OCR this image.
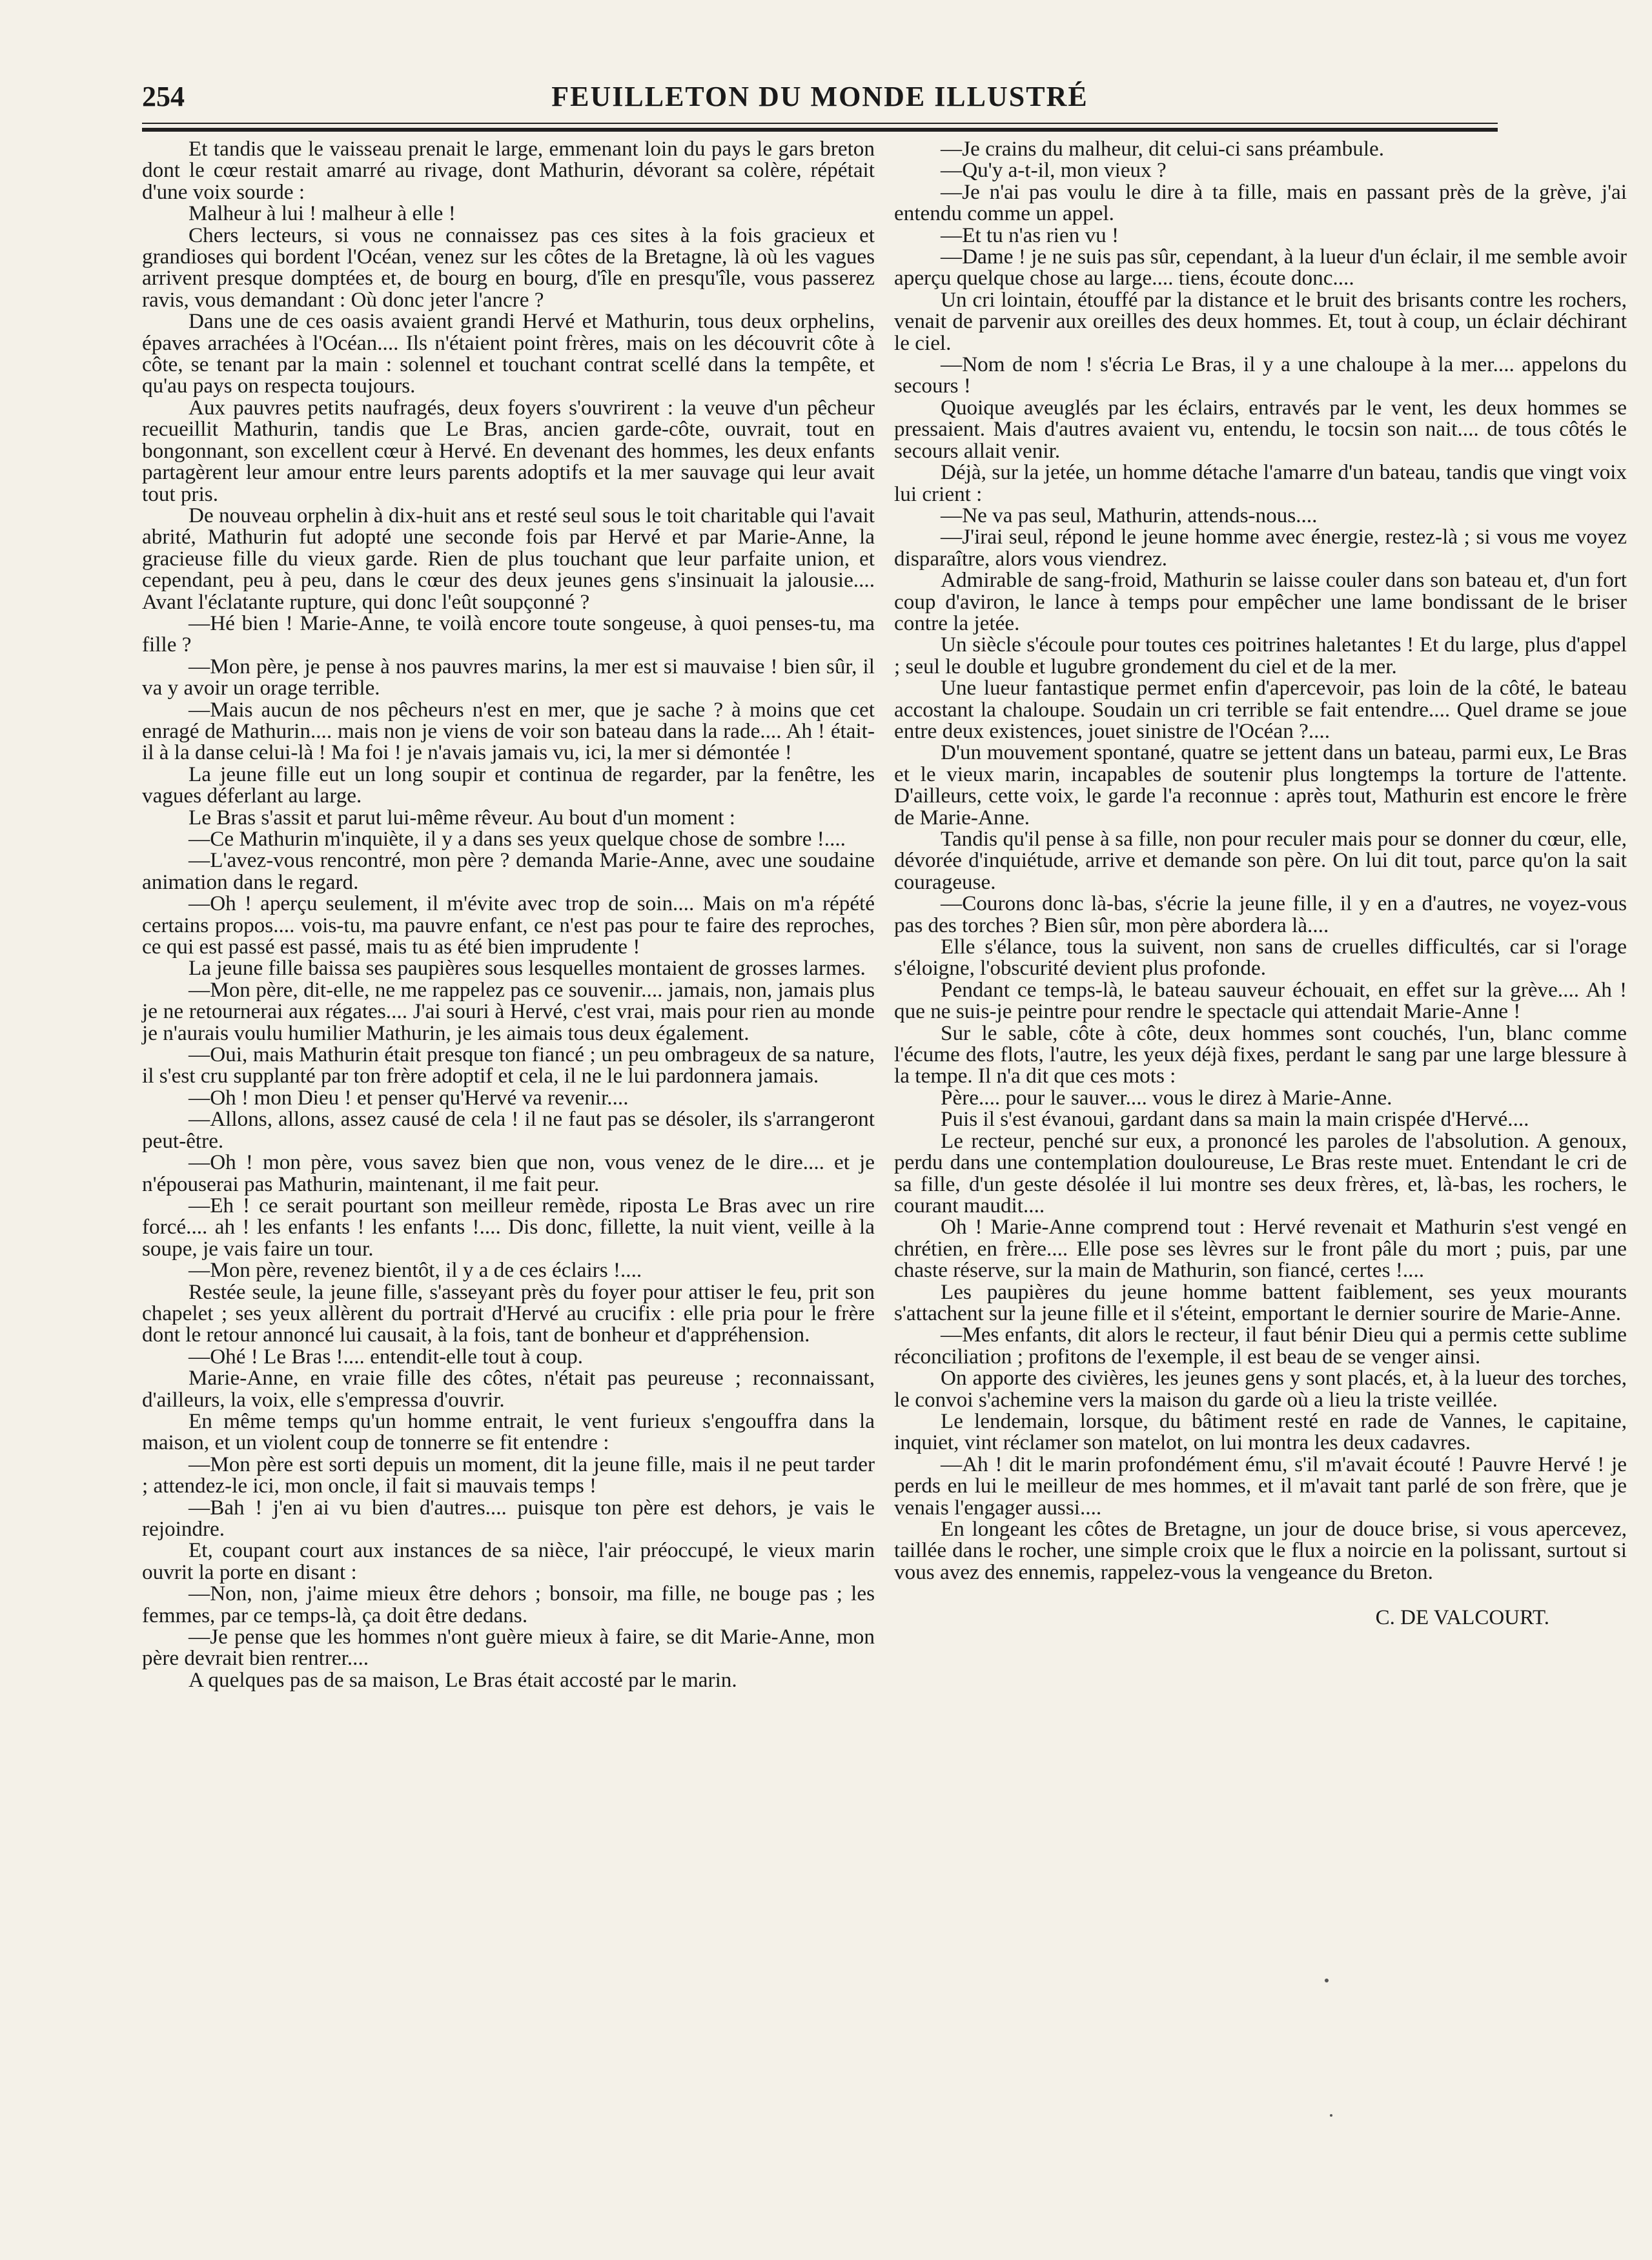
254	FEUILLETON DU MONDE ILLUSTRÉ

Et tandis que le vaisseau prenait le large, emmenant loin du pays le gars breton dont le cœur restait amarré au rivage, dont Mathurin, dévorant sa colère, répétait d'une voix sourde :

Malheur à lui ! malheur à elle !

Chers lecteurs, si vous ne connaissez pas ces sites à la fois gracieux et grandioses qui bordent l'Océan, venez sur les côtes de la Bretagne, là où les vagues arrivent presque domptées et, de bourg en bourg, d'île en presqu'île, vous passerez ravis, vous demandant : Où donc jeter l'ancre ?

Dans une de ces oasis avaient grandi Hervé et Mathurin, tous deux orphelins, épaves arrachées à l'Océan.... Ils n'étaient point frères, mais on les découvrit côte à côte, se tenant par la main : solennel et touchant contrat scellé dans la tempête, et qu'au pays on respecta toujours.

Aux pauvres petits naufragés, deux foyers s'ouvrirent : la veuve d'un pêcheur recueillit Mathurin, tandis que Le Bras, ancien garde-côte, ouvrait, tout en bongonnant, son excellent cœur à Hervé. En devenant des hommes, les deux enfants partagèrent leur amour entre leurs parents adoptifs et la mer sauvage qui leur avait tout pris.

De nouveau orphelin à dix-huit ans et resté seul sous le toit charitable qui l'avait abrité, Mathurin fut adopté une seconde fois par Hervé et par Marie-Anne, la gracieuse fille du vieux garde. Rien de plus touchant que leur parfaite union, et cependant, peu à peu, dans le cœur des deux jeunes gens s'insinuait la jalousie.... Avant l'éclatante rupture, qui donc l'eût soupçonné ?

—Hé bien ! Marie-Anne, te voilà encore toute songeuse, à quoi penses-tu, ma fille ?

—Mon père, je pense à nos pauvres marins, la mer est si mauvaise ! bien sûr, il va y avoir un orage terrible.

—Mais aucun de nos pêcheurs n'est en mer, que je sache ? à moins que cet enragé de Mathurin.... mais non je viens de voir son bateau dans la rade.... Ah ! était-il à la danse celui-là ! Ma foi ! je n'avais jamais vu, ici, la mer si démontée !

La jeune fille eut un long soupir et continua de regarder, par la fenêtre, les vagues déferlant au large.

Le Bras s'assit et parut lui-même rêveur. Au bout d'un moment :

—Ce Mathurin m'inquiète, il y a dans ses yeux quelque chose de sombre !....

—L'avez-vous rencontré, mon père ? demanda Marie-Anne, avec une soudaine animation dans le regard.

—Oh ! aperçu seulement, il m'évite avec trop de soin.... Mais on m'a répété certains propos.... vois-tu, ma pauvre enfant, ce n'est pas pour te faire des reproches, ce qui est passé est passé, mais tu as été bien imprudente !

La jeune fille baissa ses paupières sous lesquelles montaient de grosses larmes.

—Mon père, dit-elle, ne me rappelez pas ce souvenir.... jamais, non, jamais plus je ne retournerai aux régates.... J'ai souri à Hervé, c'est vrai, mais pour rien au monde je n'aurais voulu humilier Mathurin, je les aimais tous deux également.

—Oui, mais Mathurin était presque ton fiancé ; un peu ombrageux de sa nature, il s'est cru supplanté par ton frère adoptif et cela, il ne le lui pardonnera jamais.

—Oh ! mon Dieu ! et penser qu'Hervé va revenir....

—Allons, allons, assez causé de cela ! il ne faut pas se désoler, ils s'arrangeront peut-être.

—Oh ! mon père, vous savez bien que non, vous venez de le dire.... et je n'épouserai pas Mathurin, maintenant, il me fait peur.

—Eh ! ce serait pourtant son meilleur remède, riposta Le Bras avec un rire forcé.... ah ! les enfants ! les enfants !.... Dis donc, fillette, la nuit vient, veille à la soupe, je vais faire un tour.

—Mon père, revenez bientôt, il y a de ces éclairs !....

Restée seule, la jeune fille, s'asseyant près du foyer pour attiser le feu, prit son chapelet ; ses yeux allèrent du portrait d'Hervé au crucifix : elle pria pour le frère dont le retour annoncé lui causait, à la fois, tant de bonheur et d'appréhension.

—Ohé ! Le Bras !.... entendit-elle tout à coup.

Marie-Anne, en vraie fille des côtes, n'était pas peureuse ; reconnaissant, d'ailleurs, la voix, elle s'empressa d'ouvrir.

En même temps qu'un homme entrait, le vent furieux s'engouffra dans la maison, et un violent coup de tonnerre se fit entendre :

—Mon père est sorti depuis un moment, dit la jeune fille, mais il ne peut tarder ; attendez-le ici, mon oncle, il fait si mauvais temps !

—Bah ! j'en ai vu bien d'autres.... puisque ton père est dehors, je vais le rejoindre.

Et, coupant court aux instances de sa nièce, l'air préoccupé, le vieux marin ouvrit la porte en disant :

—Non, non, j'aime mieux être dehors ; bonsoir, ma fille, ne bouge pas ; les femmes, par ce temps-là, ça doit être dedans.

—Je pense que les hommes n'ont guère mieux à faire, se dit Marie-Anne, mon père devrait bien rentrer....

A quelques pas de sa maison, Le Bras était accosté par le marin.

—Je crains du malheur, dit celui-ci sans préambule.

—Qu'y a-t-il, mon vieux ?

—Je n'ai pas voulu le dire à ta fille, mais en passant près de la grève, j'ai entendu comme un appel.

—Et tu n'as rien vu !

—Dame ! je ne suis pas sûr, cependant, à la lueur d'un éclair, il me semble avoir aperçu quelque chose au large.... tiens, écoute donc....

Un cri lointain, étouffé par la distance et le bruit des brisants contre les rochers, venait de parvenir aux oreilles des deux hommes. Et, tout à coup, un éclair déchirant le ciel.

—Nom de nom ! s'écria Le Bras, il y a une chaloupe à la mer.... appelons du secours !

Quoique aveuglés par les éclairs, entravés par le vent, les deux hommes se pressaient. Mais d'autres avaient vu, entendu, le tocsin son nait.... de tous côtés le secours allait venir.

Déjà, sur la jetée, un homme détache l'amarre d'un bateau, tandis que vingt voix lui crient :

—Ne va pas seul, Mathurin, attends-nous....

—J'irai seul, répond le jeune homme avec énergie, restez-là ; si vous me voyez disparaître, alors vous viendrez.

Admirable de sang-froid, Mathurin se laisse couler dans son bateau et, d'un fort coup d'aviron, le lance à temps pour empêcher une lame bondissant de le briser contre la jetée.

Un siècle s'écoule pour toutes ces poitrines haletantes ! Et du large, plus d'appel ; seul le double et lugubre grondement du ciel et de la mer.

Une lueur fantastique permet enfin d'apercevoir, pas loin de la côté, le bateau accostant la chaloupe. Soudain un cri terrible se fait entendre.... Quel drame se joue entre deux existences, jouet sinistre de l'Océan ?....

D'un mouvement spontané, quatre se jettent dans un bateau, parmi eux, Le Bras et le vieux marin, incapables de soutenir plus longtemps la torture de l'attente. D'ailleurs, cette voix, le garde l'a reconnue : après tout, Mathurin est encore le frère de Marie-Anne.

Tandis qu'il pense à sa fille, non pour reculer mais pour se donner du cœur, elle, dévorée d'inquiétude, arrive et demande son père. On lui dit tout, parce qu'on la sait courageuse.

—Courons donc là-bas, s'écrie la jeune fille, il y en a d'autres, ne voyez-vous pas des torches ? Bien sûr, mon père abordera là....

Elle s'élance, tous la suivent, non sans de cruelles difficultés, car si l'orage s'éloigne, l'obscurité devient plus profonde.

Pendant ce temps-là, le bateau sauveur échouait, en effet sur la grève.... Ah ! que ne suis-je peintre pour rendre le spectacle qui attendait Marie-Anne !

Sur le sable, côte à côte, deux hommes sont couchés, l'un, blanc comme l'écume des flots, l'autre, les yeux déjà fixes, perdant le sang par une large blessure à la tempe. Il n'a dit que ces mots :

Père.... pour le sauver.... vous le direz à Marie-Anne.

Puis il s'est évanoui, gardant dans sa main la main crispée d'Hervé....

Le recteur, penché sur eux, a prononcé les paroles de l'absolution. A genoux, perdu dans une contemplation douloureuse, Le Bras reste muet. Entendant le cri de sa fille, d'un geste désolée il lui montre ses deux frères, et, là-bas, les rochers, le courant maudit....

Oh ! Marie-Anne comprend tout : Hervé revenait et Mathurin s'est vengé en chrétien, en frère.... Elle pose ses lèvres sur le front pâle du mort ; puis, par une chaste réserve, sur la main de Mathurin, son fiancé, certes !....

Les paupières du jeune homme battent faiblement, ses yeux mourants s'attachent sur la jeune fille et il s'éteint, emportant le dernier sourire de Marie-Anne.

—Mes enfants, dit alors le recteur, il faut bénir Dieu qui a permis cette sublime réconciliation ; profitons de l'exemple, il est beau de se venger ainsi.

On apporte des civières, les jeunes gens y sont placés, et, à la lueur des torches, le convoi s'achemine vers la maison du garde où a lieu la triste veillée.

Le lendemain, lorsque, du bâtiment resté en rade de Vannes, le capitaine, inquiet, vint réclamer son matelot, on lui montra les deux cadavres.

—Ah ! dit le marin profondément ému, s'il m'avait écouté ! Pauvre Hervé ! je perds en lui le meilleur de mes hommes, et il m'avait tant parlé de son frère, que je venais l'engager aussi....

En longeant les côtes de Bretagne, un jour de douce brise, si vous apercevez, taillée dans le rocher, une simple croix que le flux a noircie en la polissant, surtout si vous avez des ennemis, rappelez-vous la vengeance du Breton.

C. DE VALCOURT.
